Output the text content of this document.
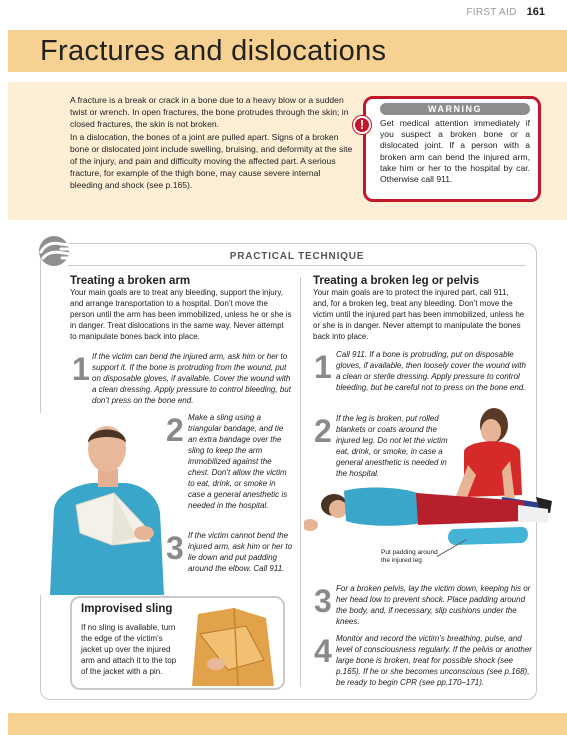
FIRST AID 161
Fractures and dislocations

A fracture is a break or crack in a bone due to a heavy blow or a sudden twist or wrench. In open fractures, the bone protrudes through the skin; in closed fractures, the skin is not broken.

In a dislocation, the bones of a joint are pulled apart. Signs of a broken bone or dislocated joint include swelling, bruising, and deformity at the site of the injury, and pain and difficulty moving the affected part. A serious fracture, for example of the thigh bone, may cause severe internal bleeding and shock (see p.165).

WARNING
Get medical attention immediately if you suspect a broken bone or a dislocated joint. If a person with a broken arm can bend the injured arm, take him or her to the hospital by car. Otherwise call 911.
!
PRACTICAL TECHNIQUE
Treating a broken arm
Your main goals are to treat any bleeding, support the injury, and arrange transportation to a hospital. Don’t move the person until the arm has been immobilized, unless he or she is in danger. Treat dislocations in the same way. Never attempt to manipulate bones back into place.
1 If the victim can bend the injured arm, ask him or her to support it. If the bone is protruding from the wound, put on disposable gloves, if available. Cover the wound with a clean dressing. Apply pressure to control bleeding, but don’t press on the bone end.
2 Make a sling using a triangular bandage, and tie an extra bandage over the sling to keep the arm immobilized against the chest. Don’t allow the victim to eat, drink, or smoke in case a general anesthetic is needed in the hospital.
3 If the victim cannot bend the injured arm, ask him or her to lie down and put padding around the elbow. Call 911.
Improvised sling
If no sling is available, turn the edge of the victim’s jacket up over the injured arm and attach it to the top of the jacket with a pin.
Treating a broken leg or pelvis
Your main goals are to protect the injured part, call 911, and, for a broken leg, treat any bleeding. Don’t move the victim until the injured part has been immobilized, unless he or she is in danger. Never attempt to manipulate the bones back into place.
1 Call 911. If a bone is protruding, put on disposable gloves, if available, then loosely cover the wound with a clean or sterile dressing. Apply pressure to control bleeding, but be careful not to press on the bone end.
2 If the leg is broken, put rolled blankets or coats around the injured leg. Do not let the victim eat, drink, or smoke, in case a general anesthetic is needed in the hospital.
Put padding around the injured leg
3 For a broken pelvis, lay the victim down, keeping his or her head low to prevent shock. Place padding around the body, and, if necessary, slip cushions under the knees.
4 Monitor and record the victim’s breathing, pulse, and level of consciousness regularly. If the pelvis or another large bone is broken, treat for possible shock (see p.165). If he or she becomes unconscious (see p.168), be ready to begin CPR (see pp.170–171).
